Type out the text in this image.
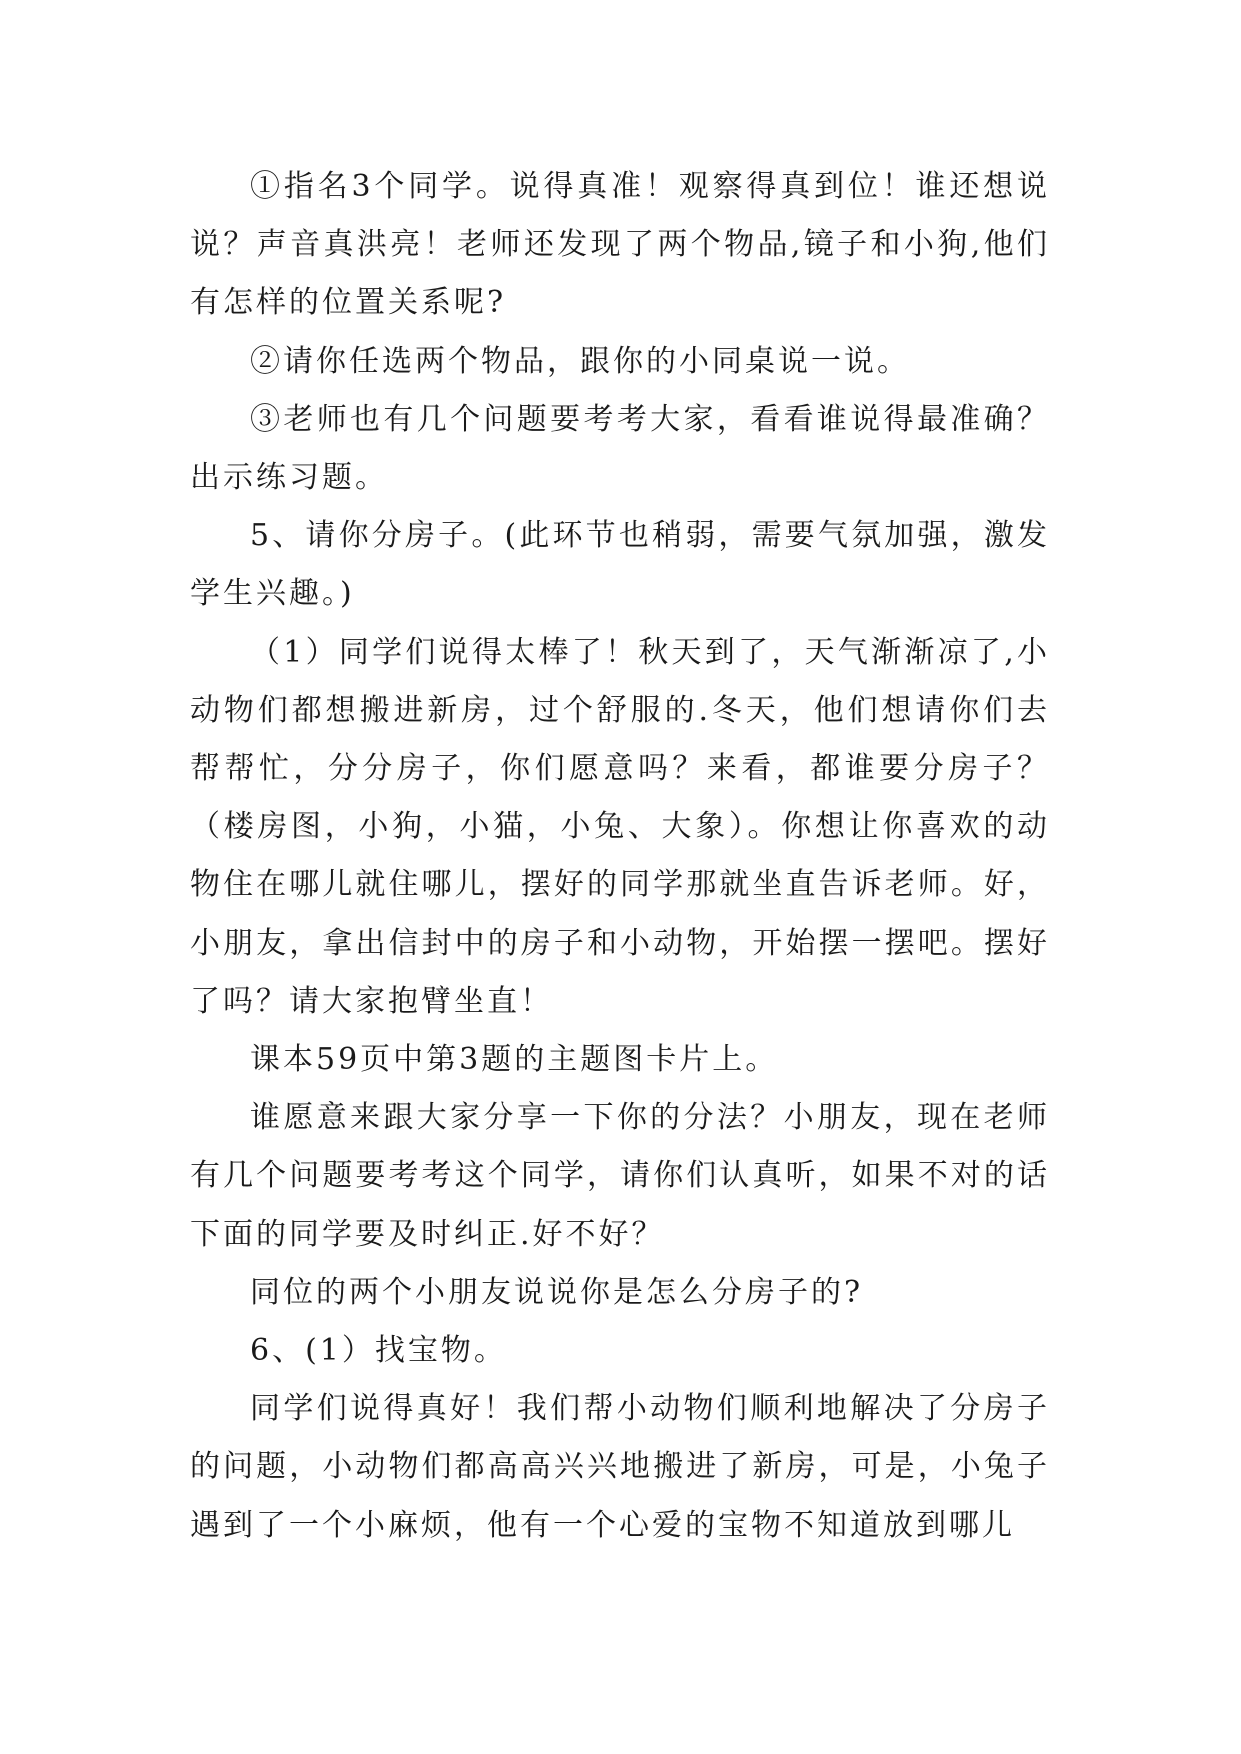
①指名3个同学。说得真准！观察得真到位！谁还想说说？声音真洪亮！老师还发现了两个物品,镜子和小狗,他们有怎样的位置关系呢?

②请你任选两个物品，跟你的小同桌说一说。

③老师也有几个问题要考考大家，看看谁说得最准确？出示练习题。

5、请你分房子。(此环节也稍弱，需要气氛加强，激发学生兴趣。)

（1）同学们说得太棒了！秋天到了，天气渐渐凉了,小动物们都想搬进新房，过个舒服的.冬天，他们想请你们去帮帮忙，分分房子，你们愿意吗？来看，都谁要分房子？（楼房图，小狗，小猫，小兔、大象）。你想让你喜欢的动物住在哪儿就住哪儿，摆好的同学那就坐直告诉老师。好，小朋友，拿出信封中的房子和小动物，开始摆一摆吧。摆好了吗？请大家抱臂坐直！

课本59页中第3题的主题图卡片上。

谁愿意来跟大家分享一下你的分法？小朋友，现在老师有几个问题要考考这个同学，请你们认真听，如果不对的话下面的同学要及时纠正.好不好？

同位的两个小朋友说说你是怎么分房子的?

6、(1）找宝物。

同学们说得真好！我们帮小动物们顺利地解决了分房子的问题，小动物们都高高兴兴地搬进了新房，可是，小兔子遇到了一个小麻烦，他有一个心爱的宝物不知道放到哪儿
